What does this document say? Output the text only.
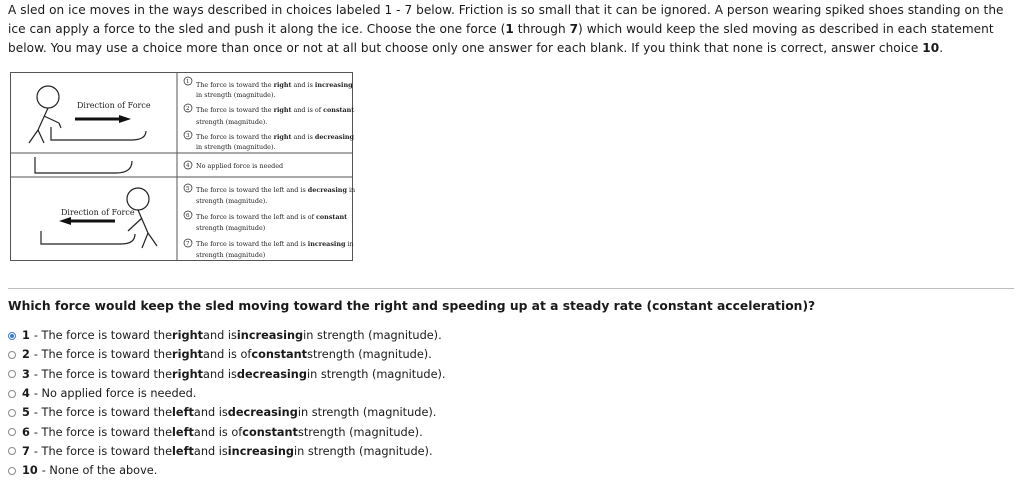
A sled on ice moves in the ways described in choices labeled 1 - 7 below. Friction is so small that it can be ignored. A person wearing spiked shoes standing on the ice can apply a force to the sled and push it along the ice. Choose the one force (1 through 7) which would keep the sled moving as described in each statement below. You may use a choice more than once or not at all but choose only one answer for each blank. If you think that none is correct, answer choice 10.
Direction of Force
Direction of Force
1 The force is toward the right and is increasing
in strength (magnitude).
2 The force is toward the right and is of constant
strength (magnitude).
3 The force is toward the right and is decreasing
in strength (magnitude).
4 No applied force is needed
5 The force is toward the left and is decreasing in
strength (magnitude).
6 The force is toward the left and is of constant
strength (magnitude)
7 The force is toward the left and is increasing in
strength (magnitude)
Which force would keep the sled moving toward the right and speeding up at a steady rate (constant acceleration)?
1 - The force is toward the right and is increasing in strength (magnitude).
2 - The force is toward the right and is of constant strength (magnitude).
3 - The force is toward the right and is decreasing in strength (magnitude).
4 - No applied force is needed.
5 - The force is toward the left and is decreasing in strength (magnitude).
6 - The force is toward the left and is of constant strength (magnitude).
7 - The force is toward the left and is increasing in strength (magnitude).
10 - None of the above.
